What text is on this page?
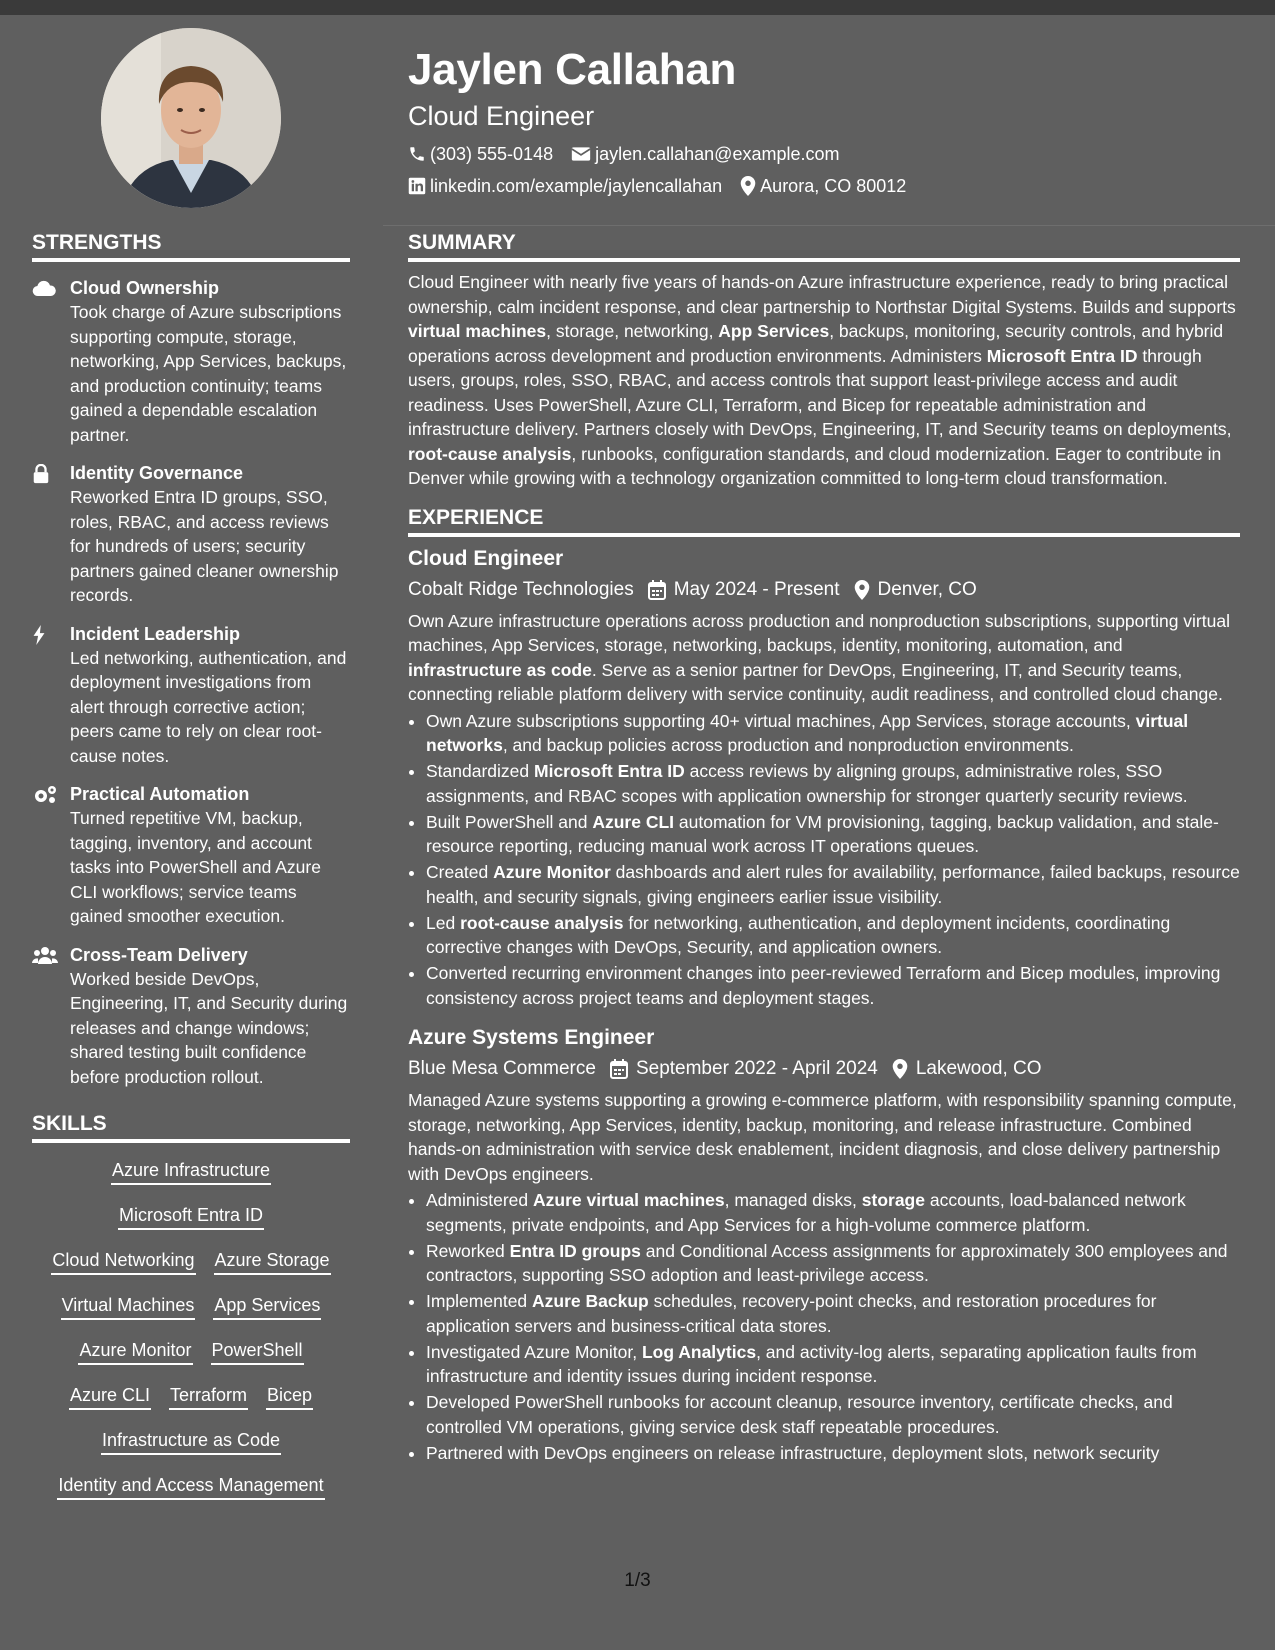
Jaylen Callahan
Cloud Engineer
(303) 555-0148 jaylen.callahan@example.com
linkedin.com/example/jaylencallahan Aurora, CO 80012
STRENGTHS
Cloud Ownership
Took charge of Azure subscriptions supporting compute, storage, networking, App Services, backups, and production continuity; teams gained a dependable escalation partner.
Identity Governance
Reworked Entra ID groups, SSO, roles, RBAC, and access reviews for hundreds of users; security partners gained cleaner ownership records.
Incident Leadership
Led networking, authentication, and deployment investigations from alert through corrective action; peers came to rely on clear root-cause notes.
Practical Automation
Turned repetitive VM, backup, tagging, inventory, and account tasks into PowerShell and Azure CLI workflows; service teams gained smoother execution.
Cross-Team Delivery
Worked beside DevOps, Engineering, IT, and Security during releases and change windows; shared testing built confidence before production rollout.
SKILLS
Azure Infrastructure
Microsoft Entra ID
Cloud Networking Azure Storage
Virtual Machines App Services
Azure Monitor PowerShell
Azure CLI Terraform Bicep
Infrastructure as Code
Identity and Access Management
SUMMARY

Cloud Engineer with nearly five years of hands-on Azure infrastructure experience, ready to bring practical ownership, calm incident response, and clear partnership to Northstar Digital Systems. Builds and supports virtual machines, storage, networking, App Services, backups, monitoring, security controls, and hybrid operations across development and production environments. Administers Microsoft Entra ID through users, groups, roles, SSO, RBAC, and access controls that support least-privilege access and audit readiness. Uses PowerShell, Azure CLI, Terraform, and Bicep for repeatable administration and infrastructure delivery. Partners closely with DevOps, Engineering, IT, and Security teams on deployments, root-cause analysis, runbooks, configuration standards, and cloud modernization. Eager to contribute in Denver while growing with a technology organization committed to long-term cloud transformation.

EXPERIENCE
Cloud Engineer
Cobalt Ridge Technologies May 2024 - Present Denver, CO

Own Azure infrastructure operations across production and nonproduction subscriptions, supporting virtual machines, App Services, storage, networking, backups, identity, monitoring, automation, and infrastructure as code. Serve as a senior partner for DevOps, Engineering, IT, and Security teams, connecting reliable platform delivery with service continuity, audit readiness, and controlled cloud change.

• Own Azure subscriptions supporting 40+ virtual machines, App Services, storage accounts, virtual networks, and backup policies across production and nonproduction environments.
• Standardized Microsoft Entra ID access reviews by aligning groups, administrative roles, SSO assignments, and RBAC scopes with application ownership for stronger quarterly security reviews.
• Built PowerShell and Azure CLI automation for VM provisioning, tagging, backup validation, and stale-resource reporting, reducing manual work across IT operations queues.
• Created Azure Monitor dashboards and alert rules for availability, performance, failed backups, resource health, and security signals, giving engineers earlier issue visibility.
• Led root-cause analysis for networking, authentication, and deployment incidents, coordinating corrective changes with DevOps, Security, and application owners.
• Converted recurring environment changes into peer-reviewed Terraform and Bicep modules, improving consistency across project teams and deployment stages.
Azure Systems Engineer
Blue Mesa Commerce September 2022 - April 2024 Lakewood, CO

Managed Azure systems supporting a growing e-commerce platform, with responsibility spanning compute, storage, networking, App Services, identity, backup, monitoring, and release infrastructure. Combined hands-on administration with service desk enablement, incident diagnosis, and close delivery partnership with DevOps engineers.

• Administered Azure virtual machines, managed disks, storage accounts, load-balanced network segments, private endpoints, and App Services for a high-volume commerce platform.
• Reworked Entra ID groups and Conditional Access assignments for approximately 300 employees and contractors, supporting SSO adoption and least-privilege access.
• Implemented Azure Backup schedules, recovery-point checks, and restoration procedures for application servers and business-critical data stores.
• Investigated Azure Monitor, Log Analytics, and activity-log alerts, separating application faults from infrastructure and identity issues during incident response.
• Developed PowerShell runbooks for account cleanup, resource inventory, certificate checks, and controlled VM operations, giving service desk staff repeatable procedures.
• Partnered with DevOps engineers on release infrastructure, deployment slots, network security
1/3
